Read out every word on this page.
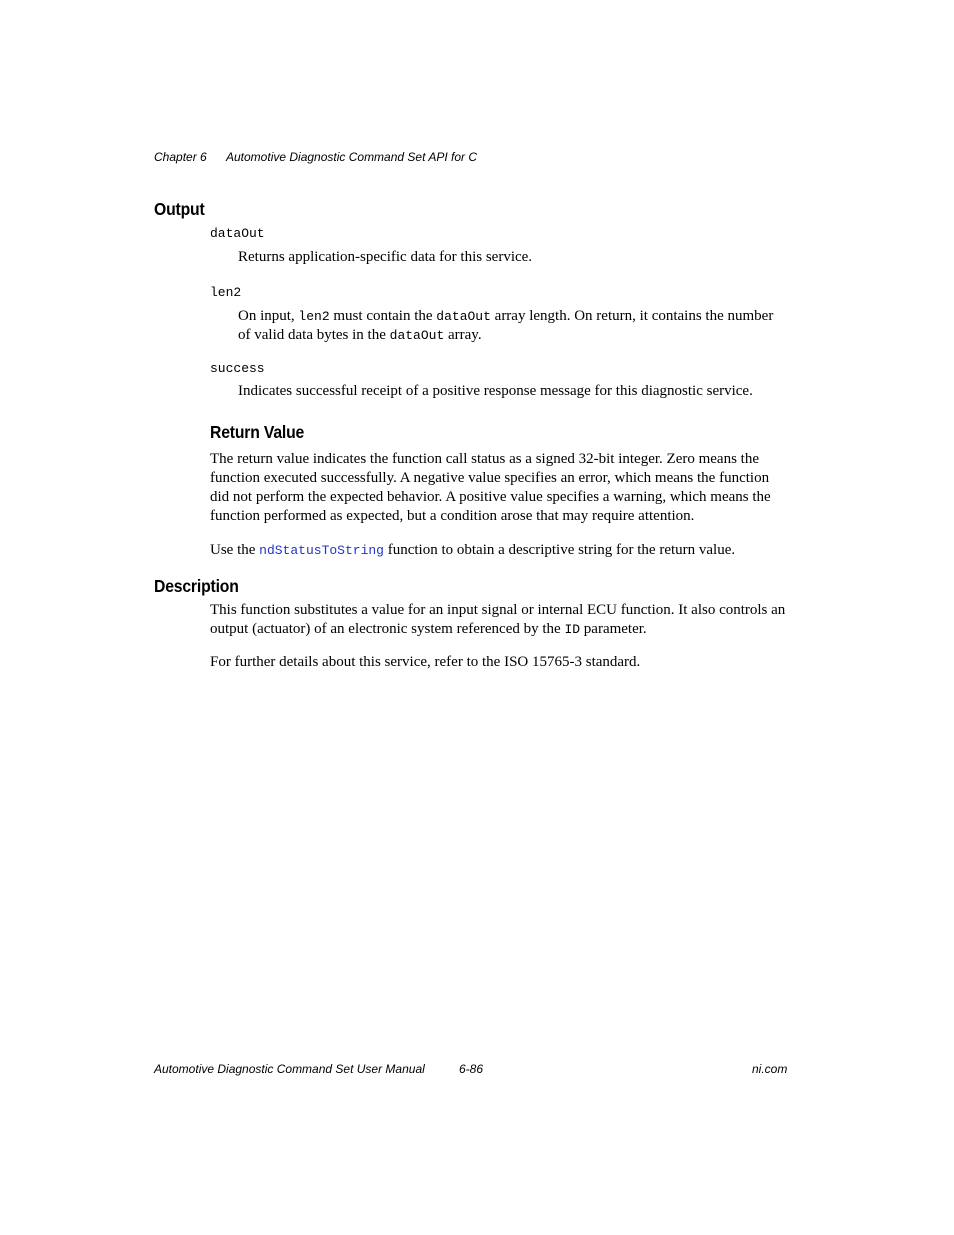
Chapter 6 Automotive Diagnostic Command Set API for C
Output
dataOut

Returns application-specific data for this service.

len2

On input, len2 must contain the dataOut array length. On return, it contains the number of valid data bytes in the dataOut array.

success

Indicates successful receipt of a positive response message for this diagnostic service.

Return Value

The return value indicates the function call status as a signed 32-bit integer. Zero means the function executed successfully. A negative value specifies an error, which means the function did not perform the expected behavior. A positive value specifies a warning, which means the function performed as expected, but a condition arose that may require attention.

Use the ndStatusToString function to obtain a descriptive string for the return value.

Description

This function substitutes a value for an input signal or internal ECU function. It also controls an output (actuator) of an electronic system referenced by the ID parameter.

For further details about this service, refer to the ISO 15765-3 standard.

Automotive Diagnostic Command Set User Manual	6-86	ni.com
